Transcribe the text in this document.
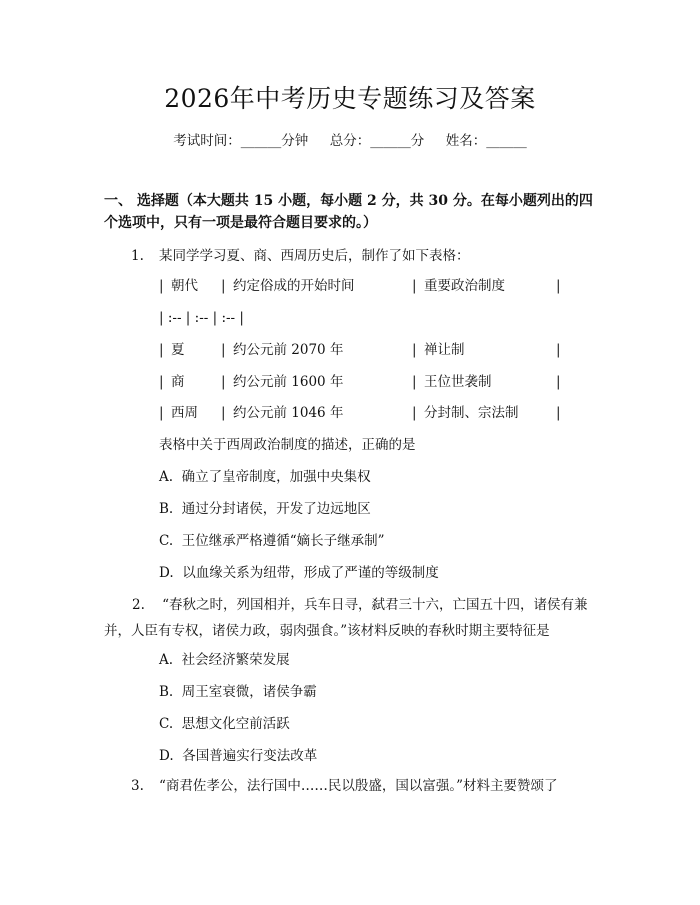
2026年中考历史专题练习及答案
考试时间：______分钟     总分：______分     姓名：______
一、 选择题（本大题共 15 小题，每小题 2 分，共 30 分。在每小题列出的四个选项中，只有一项是最符合题目要求的。）
1. 某同学学习夏、商、西周历史后，制作了如下表格：
| 朝代 | 约定俗成的开始时间	| 重要政治制度	|
| :-- | :-- | :-- |
| 夏	| 约公元前 2070 年	| 禅让制	|
| 商	| 约公元前 1600 年	| 王位世袭制	|
| 西周 | 约公元前 1046 年	| 分封制、宗法制	|
表格中关于西周政治制度的描述，正确的是
A.  确立了皇帝制度，加强中央集权
B.  通过分封诸侯，开发了边远地区
C.  王位继承严格遵循“嫡长子继承制”
D.  以血缘关系为纽带，形成了严谨的等级制度
2. “春秋之时，列国相并，兵车日寻，弑君三十六，亡国五十四，诸侯有兼并，人臣有专权，诸侯力政，弱肉强食。”该材料反映的春秋时期主要特征是
A.  社会经济繁荣发展
B.  周王室衰微，诸侯争霸
C.  思想文化空前活跃
D.  各国普遍实行变法改革
3. “商君佐孝公，法行国中……民以殷盛，国以富强。”材料主要赞颂了
